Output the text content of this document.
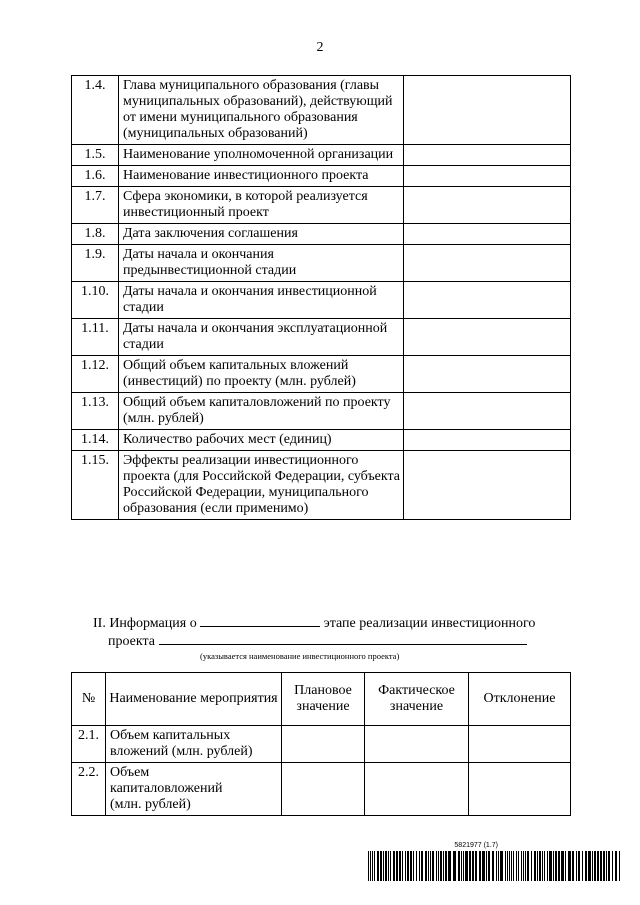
2
1.4.	Глава муниципального образования (главы муниципальных образований), действующий от имени муниципального образования (муниципальных образований)	
1.5.	Наименование уполномоченной организации	
1.6.	Наименование инвестиционного проекта	
1.7.	Сфера экономики, в которой реализуется инвестиционный проект	
1.8.	Дата заключения соглашения	
1.9.	Даты начала и окончания предынвестиционной стадии	
1.10.	Даты начала и окончания инвестиционной стадии	
1.11.	Даты начала и окончания эксплуатационной стадии	
1.12.	Общий объем капитальных вложений (инвестиций) по проекту (млн. рублей)	
1.13.	Общий объем капиталовложений по проекту (млн. рублей)	
1.14.	Количество рабочих мест (единиц)	
1.15.	Эффекты реализации инвестиционного проекта (для Российской Федерации, субъекта Российской Федерации, муниципального образования (если применимо)	
II. Информация о	этапе реализации инвестиционного
проекта
(указывается наименование инвестиционного проекта)
№	Наименование мероприятия	Плановое значение	Фактическое значение	Отклонение
2.1.	Объем капитальных вложений (млн. рублей)			
2.2.	Объем капиталовложений (млн. рублей)			
5821977 (1.7)
